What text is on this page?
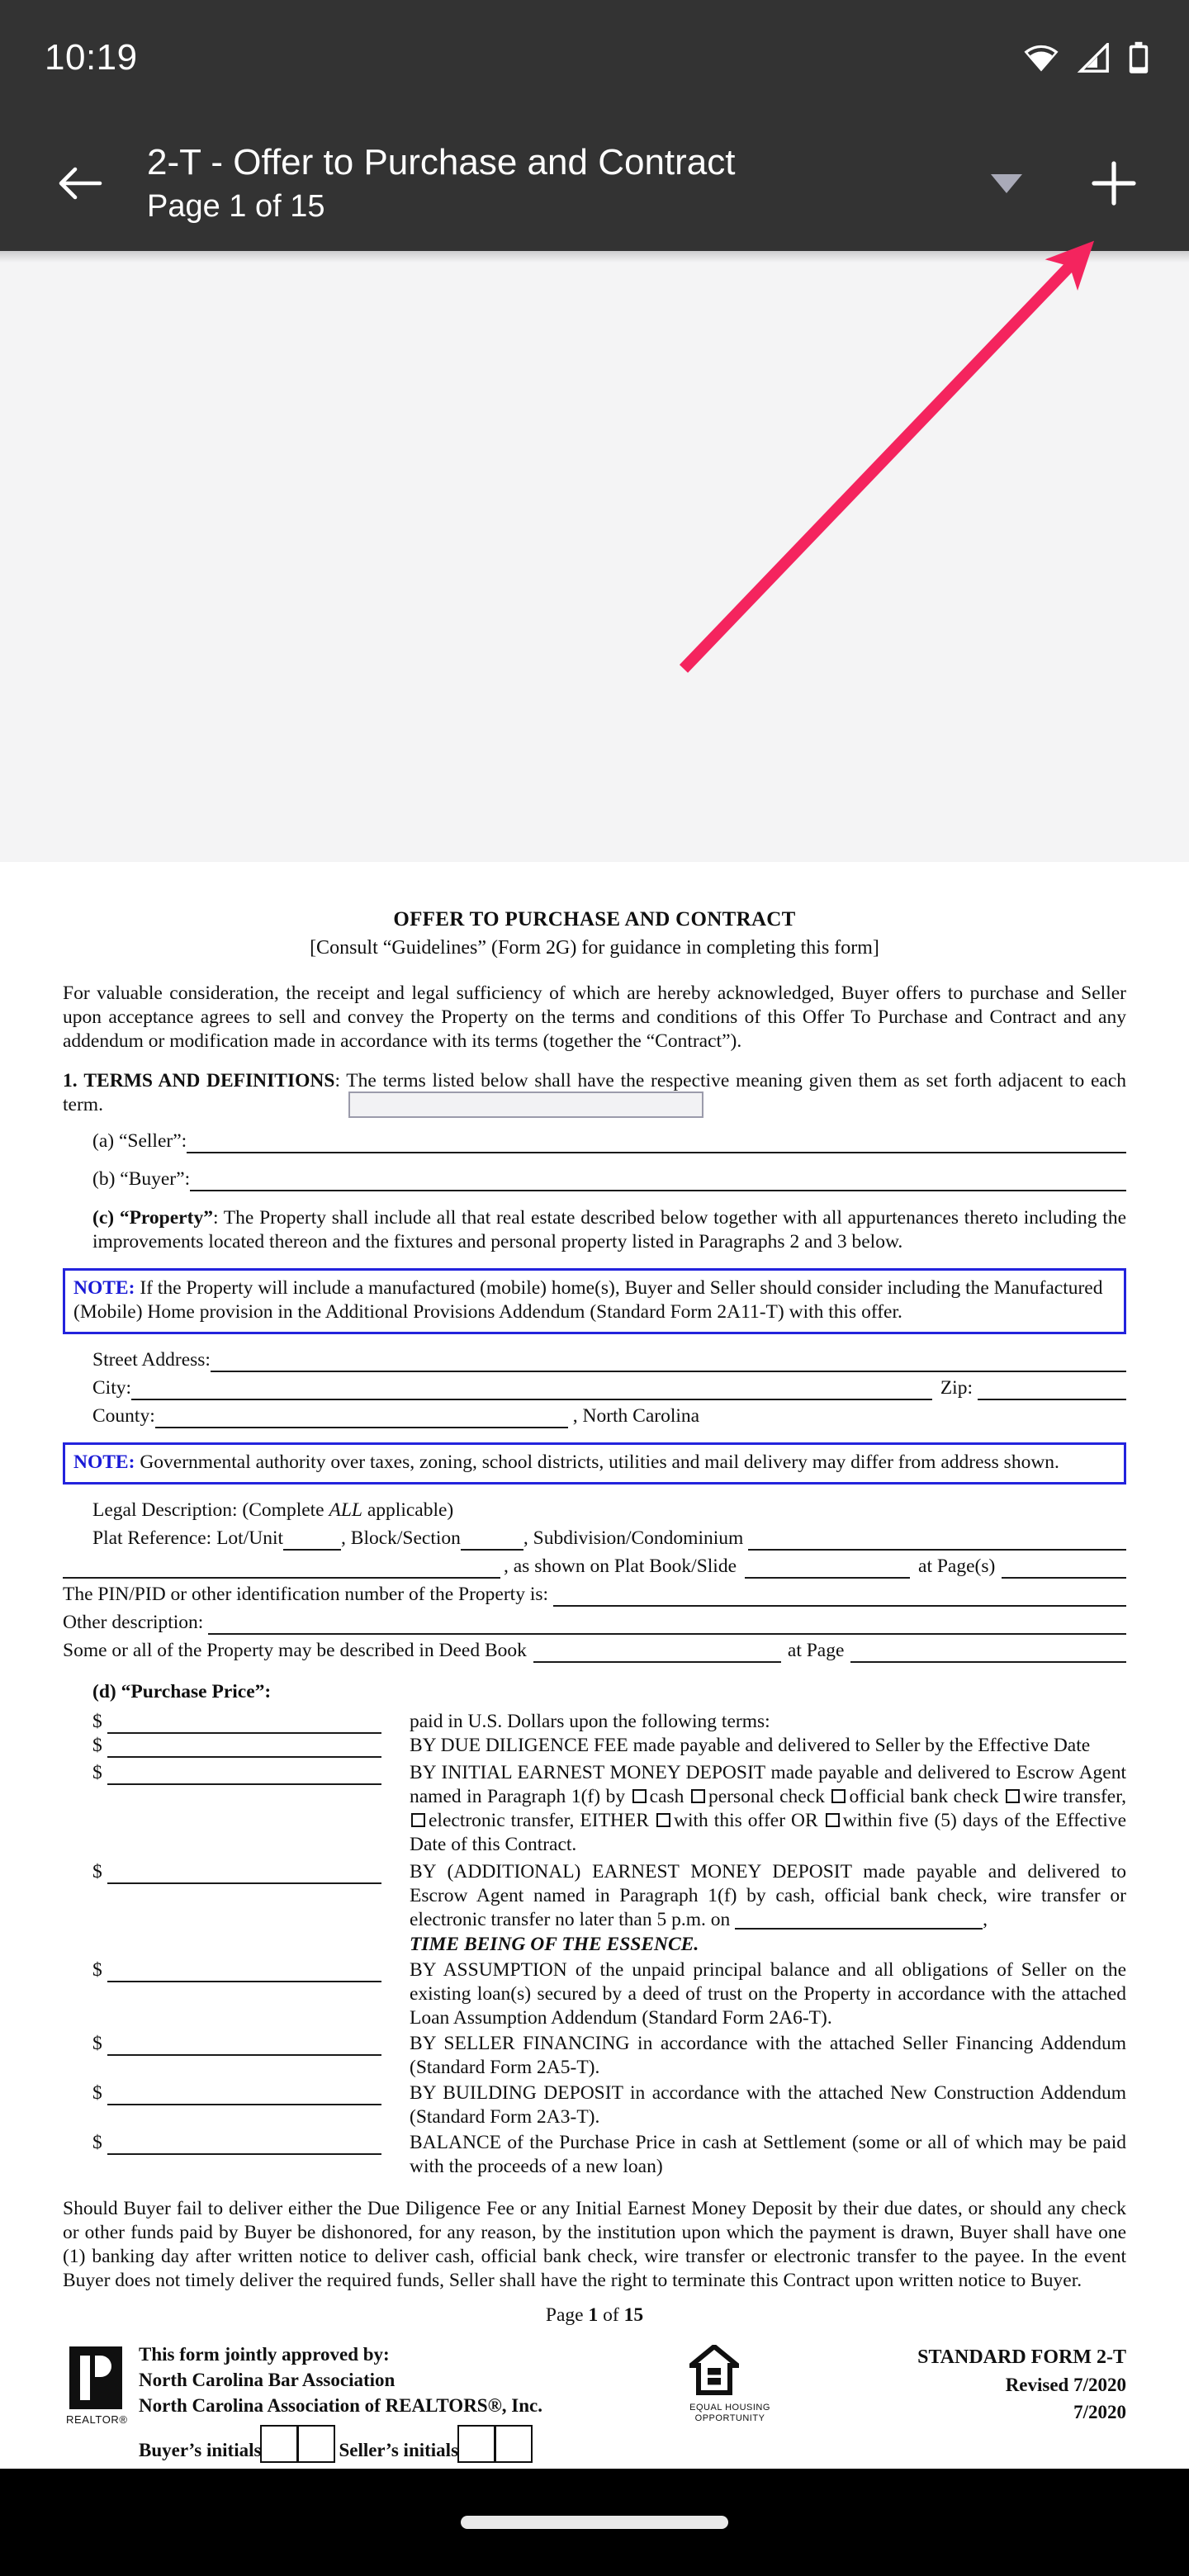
10:19
2-T - Offer to Purchase and Contract
Page 1 of 15
OFFER TO PURCHASE AND CONTRACT
[Consult “Guidelines” (Form 2G) for guidance in completing this form]
For valuable consideration, the receipt and legal sufficiency of which are hereby acknowledged, Buyer offers to purchase and Seller upon acceptance agrees to sell and convey the Property on the terms and conditions of this Offer To Purchase and Contract and any addendum or modification made in accordance with its terms (together the “Contract”).
1. TERMS AND DEFINITIONS: The terms listed below shall have the respective meaning given them as set forth adjacent to each term.
(a) “Seller”:
(b) “Buyer”:
(c) “Property”: The Property shall include all that real estate described below together with all appurtenances thereto including the improvements located thereon and the fixtures and personal property listed in Paragraphs 2 and 3 below.
NOTE: If the Property will include a manufactured (mobile) home(s), Buyer and Seller should consider including the Manufactured (Mobile) Home provision in the Additional Provisions Addendum (Standard Form 2A11-T) with this offer.
Street Address:
City:	Zip:
County:	, North Carolina
NOTE: Governmental authority over taxes, zoning, school districts, utilities and mail delivery may differ from address shown.
Legal Description: (Complete ALL applicable)
Plat Reference: Lot/Unit	, Block/Section	, Subdivision/Condominium
, as shown on Plat Book/Slide	at Page(s)
The PIN/PID or other identification number of the Property is:
Other description:
Some or all of the Property may be described in Deed Book	at Page
(d) “Purchase Price”:
$	paid in U.S. Dollars upon the following terms:
$	BY DUE DILIGENCE FEE made payable and delivered to Seller by the Effective Date
$	BY INITIAL EARNEST MONEY DEPOSIT made payable and delivered to Escrow Agent named in Paragraph 1(f) by cash personal check official bank check wire transfer, electronic transfer, EITHER with this offer OR within five (5) days of the Effective Date of this Contract.
$	BY (ADDITIONAL) EARNEST MONEY DEPOSIT made payable and delivered to Escrow Agent named in Paragraph 1(f) by cash, official bank check, wire transfer or electronic transfer no later than 5 p.m. on	,
TIME BEING OF THE ESSENCE.
$	BY ASSUMPTION of the unpaid principal balance and all obligations of Seller on the existing loan(s) secured by a deed of trust on the Property in accordance with the attached Loan Assumption Addendum (Standard Form 2A6-T).
$	BY SELLER FINANCING in accordance with the attached Seller Financing Addendum (Standard Form 2A5-T).
$	BY BUILDING DEPOSIT in accordance with the attached New Construction Addendum (Standard Form 2A3-T).
$	BALANCE of the Purchase Price in cash at Settlement (some or all of which may be paid with the proceeds of a new loan)
Should Buyer fail to deliver either the Due Diligence Fee or any Initial Earnest Money Deposit by their due dates, or should any check or other funds paid by Buyer be dishonored, for any reason, by the institution upon which the payment is drawn, Buyer shall have one (1) banking day after written notice to deliver cash, official bank check, wire transfer or electronic transfer to the payee. In the event Buyer does not timely deliver the required funds, Seller shall have the right to terminate this Contract upon written notice to Buyer.
Page 1 of 15
REALTOR®
This form jointly approved by:
North Carolina Bar Association
North Carolina Association of REALTORS®, Inc.
Buyer’s initials	Seller’s initials
EQUAL HOUSING
OPPORTUNITY
STANDARD FORM 2-T
Revised 7/2020
7/2020
